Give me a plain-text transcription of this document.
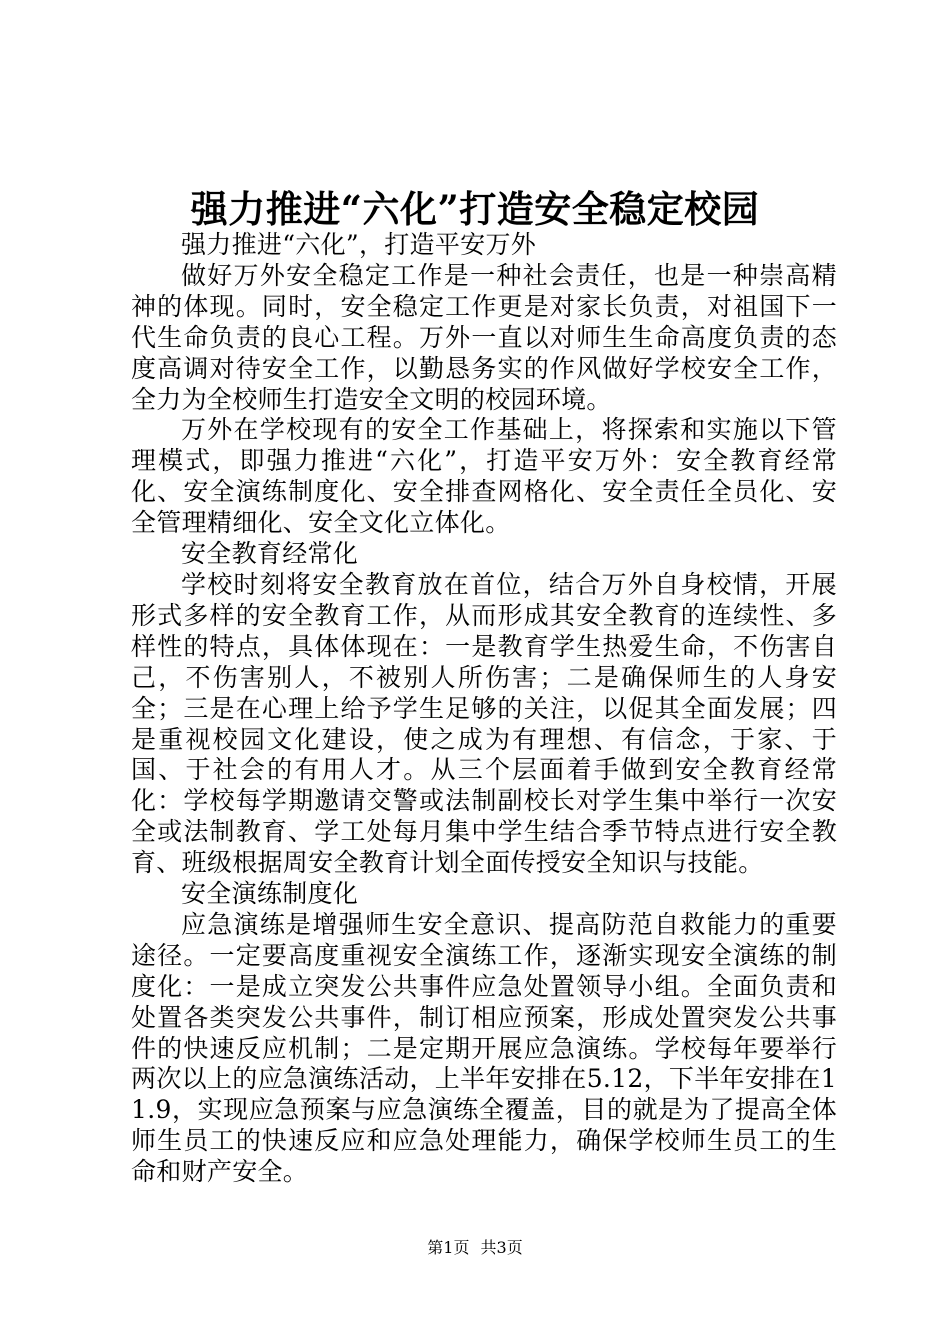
强力推进“六化”打造安全稳定校园

强力推进“六化”，打造平安万外

做好万外安全稳定工作是一种社会责任，也是一种崇高精神的体现。同时，安全稳定工作更是对家长负责，对祖国下一代生命负责的良心工程。万外一直以对师生生命高度负责的态度高调对待安全工作，以勤恳务实的作风做好学校安全工作，全力为全校师生打造安全文明的校园环境。

万外在学校现有的安全工作基础上，将探索和实施以下管理模式，即强力推进“六化”，打造平安万外：安全教育经常化、安全演练制度化、安全排查网格化、安全责任全员化、安全管理精细化、安全文化立体化。

安全教育经常化

学校时刻将安全教育放在首位，结合万外自身校情，开展形式多样的安全教育工作，从而形成其安全教育的连续性、多样性的特点，具体体现在：一是教育学生热爱生命，不伤害自己，不伤害别人，不被别人所伤害；二是确保师生的人身安全；三是在心理上给予学生足够的关注，以促其全面发展；四是重视校园文化建设，使之成为有理想、有信念，于家、于国、于社会的有用人才。从三个层面着手做到安全教育经常化：学校每学期邀请交警或法制副校长对学生集中举行一次安全或法制教育、学工处每月集中学生结合季节特点进行安全教育、班级根据周安全教育计划全面传授安全知识与技能。

安全演练制度化

应急演练是增强师生安全意识、提高防范自救能力的重要途径。一定要高度重视安全演练工作，逐渐实现安全演练的制度化：一是成立突发公共事件应急处置领导小组。全面负责和处置各类突发公共事件，制订相应预案，形成处置突发公共事件的快速反应机制；二是定期开展应急演练。学校每年要举行两次以上的应急演练活动，上半年安排在5.12，下半年安排在11.9，实现应急预案与应急演练全覆盖，目的就是为了提高全体师生员工的快速反应和应急处理能力，确保学校师生员工的生命和财产安全。

第1页 共3页
